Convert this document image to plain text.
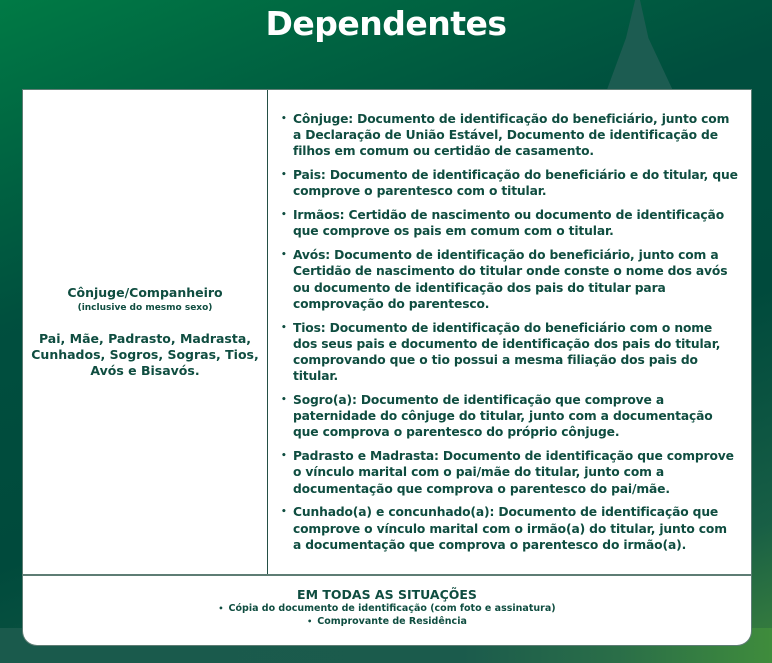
Dependentes
Cônjuge/Companheiro
(inclusive do mesmo sexo)
Pai, Mãe, Padrasto, Madrasta, Cunhados, Sogros, Sogras, Tios, Avós e Bisavós.
• Cônjuge: Documento de identificação do beneficiário, junto com a Declaração de União Estável, Documento de identificação de filhos em comum ou certidão de casamento.
• Pais: Documento de identificação do beneficiário e do titular, que comprove o parentesco com o titular.
• Irmãos: Certidão de nascimento ou documento de identificação que comprove os pais em comum com o titular.
• Avós: Documento de identificação do beneficiário, junto com a Certidão de nascimento do titular onde conste o nome dos avós ou documento de identificação dos pais do titular para comprovação do parentesco.
• Tios: Documento de identificação do beneficiário com o nome dos seus pais e documento de identificação dos pais do titular, comprovando que o tio possui a mesma filiação dos pais do titular.
• Sogro(a): Documento de identificação que comprove a paternidade do cônjuge do titular, junto com a documentação que comprova o parentesco do próprio cônjuge.
• Padrasto e Madrasta: Documento de identificação que comprove o vínculo marital com o pai/mãe do titular, junto com a documentação que comprova o parentesco do pai/mãe.
• Cunhado(a) e concunhado(a): Documento de identificação que comprove o vínculo marital com o irmão(a) do titular, junto com a documentação que comprova o parentesco do irmão(a).
EM TODAS AS SITUAÇÕES
• Cópia do documento de identificação (com foto e assinatura)
• Comprovante de Residência
